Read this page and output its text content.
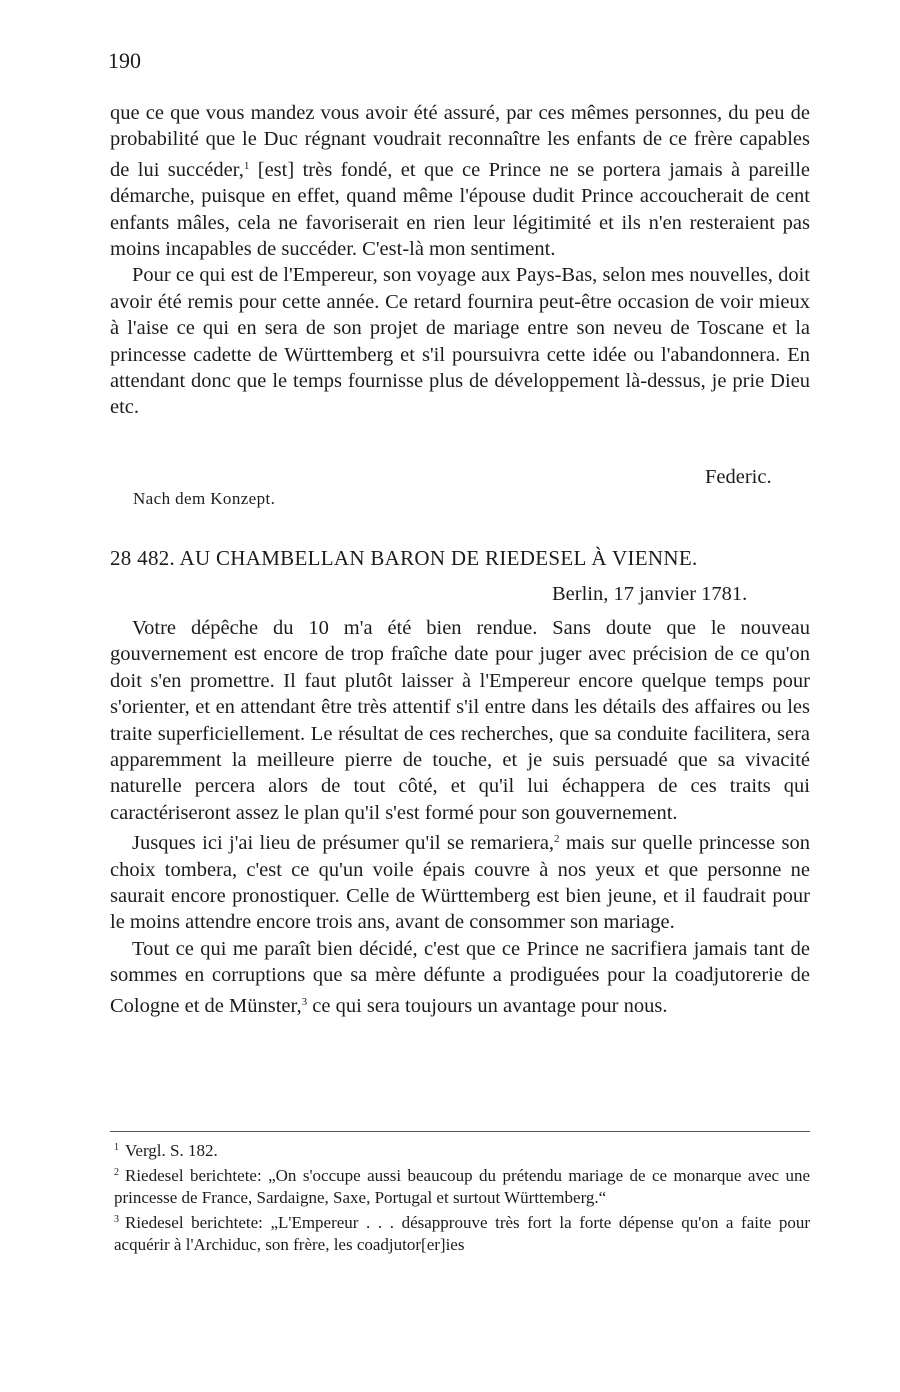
190

que ce que vous mandez vous avoir été assuré, par ces mêmes personnes, du peu de probabilité que le Duc régnant voudrait reconnaître les enfants de ce frère capables de lui succéder,$^1$ [est] très fondé, et que ce Prince ne se portera jamais à pareille démarche, puisque en effet, quand même l'épouse dudit Prince accoucherait de cent enfants mâles, cela ne favoriserait en rien leur légitimité et ils n'en resteraient pas moins incapables de succéder. C'est-là mon sentiment.

Pour ce qui est de l'Empereur, son voyage aux Pays-Bas, selon mes nouvelles, doit avoir été remis pour cette année. Ce retard fournira peut-être occasion de voir mieux à l'aise ce qui en sera de son projet de mariage entre son neveu de Toscane et la princesse cadette de Württemberg et s'il poursuivra cette idée ou l'abandonnera. En attendant donc que le temps fournisse plus de développement là-dessus, je prie Dieu etc.

Federic.
Nach dem Konzept.
28 482. AU CHAMBELLAN BARON DE RIEDESEL À VIENNE.
Berlin, 17 janvier 1781.

Votre dépêche du 10 m'a été bien rendue. Sans doute que le nouveau gouvernement est encore de trop fraîche date pour juger avec précision de ce qu'on doit s'en promettre. Il faut plutôt laisser à l'Empereur encore quelque temps pour s'orienter, et en attendant être très attentif s'il entre dans les détails des affaires ou les traite superficiellement. Le résultat de ces recherches, que sa conduite facilitera, sera apparemment la meilleure pierre de touche, et je suis persuadé que sa vivacité naturelle percera alors de tout côté, et qu'il lui échappera de ces traits qui caractériseront assez le plan qu'il s'est formé pour son gouvernement.

Jusques ici j'ai lieu de présumer qu'il se remariera,$^2$ mais sur quelle princesse son choix tombera, c'est ce qu'un voile épais couvre à nos yeux et que personne ne saurait encore pronostiquer. Celle de Württemberg est bien jeune, et il faudrait pour le moins attendre encore trois ans, avant de consommer son mariage.

Tout ce qui me paraît bien décidé, c'est que ce Prince ne sacrifiera jamais tant de sommes en corruptions que sa mère défunte a prodiguées pour la coadjutorerie de Cologne et de Münster,$^3$ ce qui sera toujours un avantage pour nous.

$^1$ Vergl. S. 182.

$^2$ Riedesel berichtete: „On s'occupe aussi beaucoup du prétendu mariage de ce monarque avec une princesse de France, Sardaigne, Saxe, Portugal et surtout Württemberg.“

$^3$ Riedesel berichtete: „L'Empereur . . . désapprouve très fort la forte dépense qu'on a faite pour acquérir à l'Archiduc, son frère, les coadjutor[er]ies
